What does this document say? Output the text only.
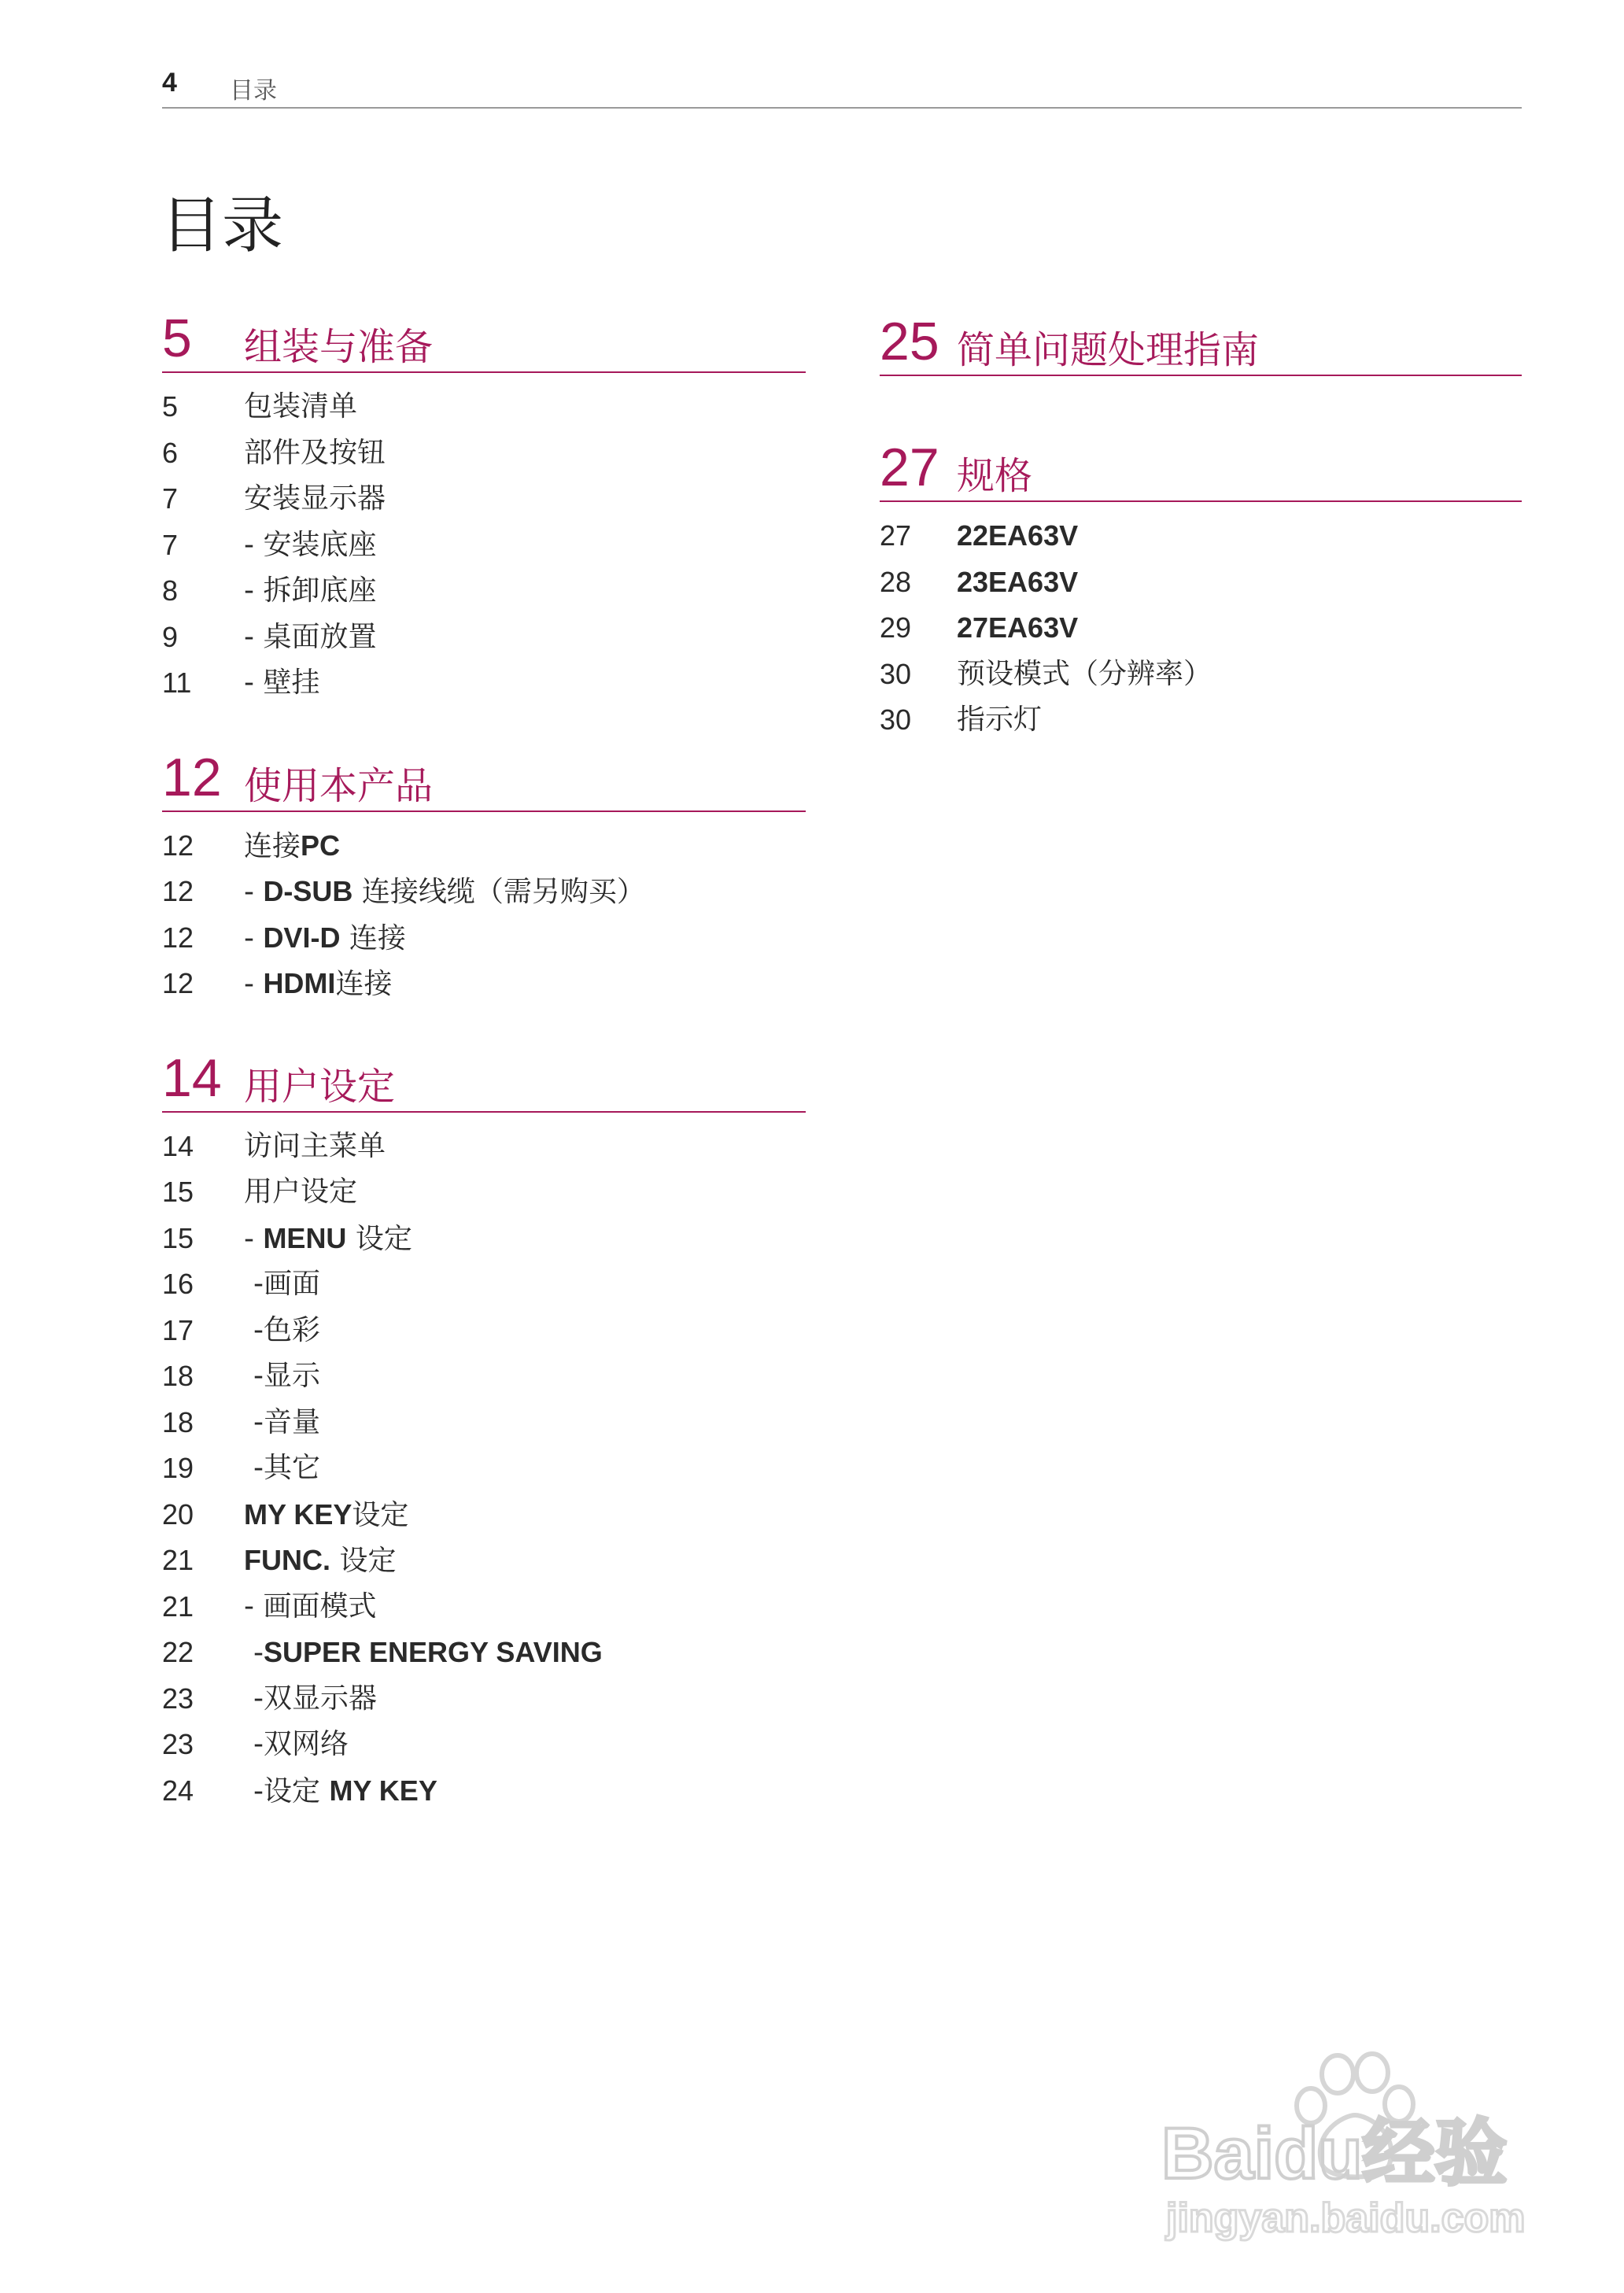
4 目录
目录
5 组装与准备
5 包装清单
6 部件及按钮
7 安装显示器
7 - 安装底座
8 - 拆卸底座
9 - 桌面放置
11 - 壁挂
12 使用本产品
12 连接PC
12 - D-SUB 连接线缆（需另购买）
12 - DVI-D 连接
12 - HDMI连接
14 用户设定
14 访问主菜单
15 用户设定
15 - MENU 设定
16 -画面
17 -色彩
18 -显示
18 -音量
19 -其它
20 MY KEY设定
21 FUNC. 设定
21 - 画面模式
22 -SUPER ENERGY SAVING
23 -双显示器
23 -双网络
24 -设定 MY KEY
25 简单问题处理指南
27 规格
27 22EA63V
28 23EA63V
29 27EA63V
30 预设模式（分辨率）
30 指示灯
Baidu经验
jingyan.baidu.com
